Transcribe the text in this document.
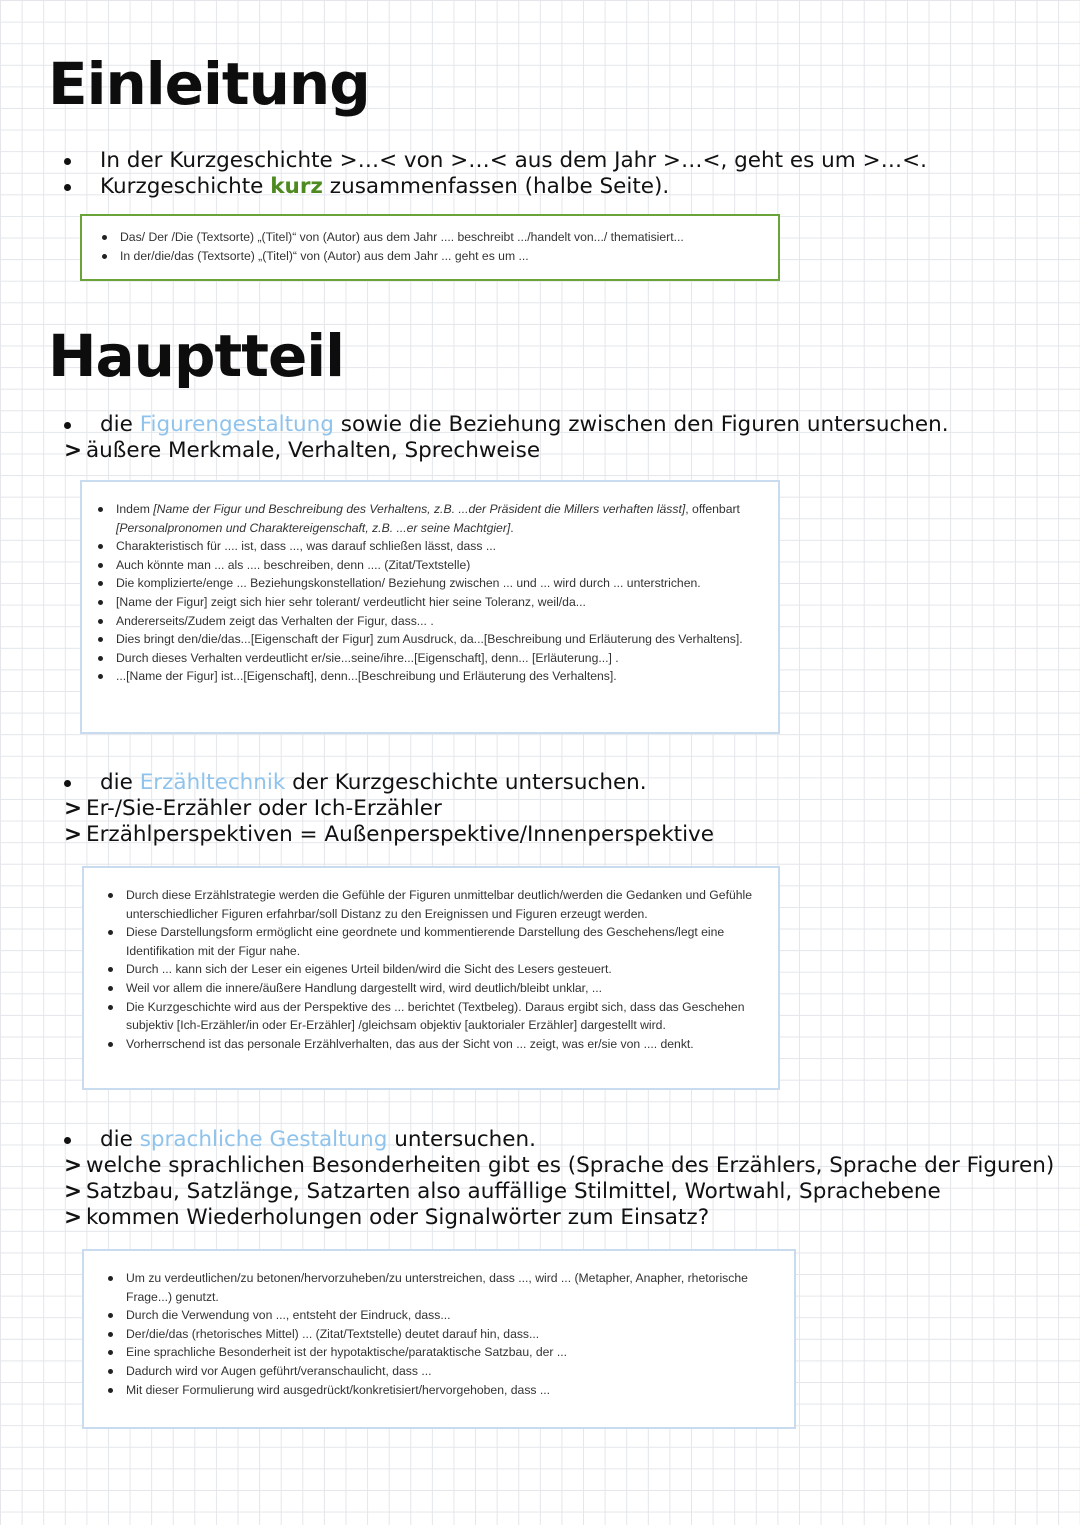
Einleitung
In der Kurzgeschichte >…< von >…< aus dem Jahr >…<, geht es um >…<.
Kurzgeschichte kurz zusammenfassen (halbe Seite).
Das/ Der /Die (Textsorte) „(Titel)“ von (Autor) aus dem Jahr .... beschreibt .../handelt von.../ thematisiert...
In der/die/das (Textsorte) „(Titel)“ von (Autor) aus dem Jahr ... geht es um ...
Hauptteil
die Figurengestaltung sowie die Beziehung zwischen den Figuren untersuchen.
> äußere Merkmale, Verhalten, Sprechweise
Indem [Name der Figur und Beschreibung des Verhaltens, z.B. ...der Präsident die Millers verhaften lässt], offenbart [Personalpronomen und Charaktereigenschaft, z.B. ...er seine Machtgier].
Charakteristisch für .... ist, dass ..., was darauf schließen lässt, dass ...
Auch könnte man ... als .... beschreiben, denn .... (Zitat/Textstelle)
Die komplizierte/enge ... Beziehungskonstellation/ Beziehung zwischen ... und ... wird durch ... unterstrichen.
[Name der Figur] zeigt sich hier sehr tolerant/ verdeutlicht hier seine Toleranz, weil/da...
Andererseits/Zudem zeigt das Verhalten der Figur, dass... .
Dies bringt den/die/das...[Eigenschaft der Figur] zum Ausdruck, da...[Beschreibung und Erläuterung des Verhaltens].
Durch dieses Verhalten verdeutlicht er/sie...seine/ihre...[Eigenschaft], denn... [Erläuterung...] .
...[Name der Figur] ist...[Eigenschaft], denn...[Beschreibung und Erläuterung des Verhaltens].
die Erzähltechnik der Kurzgeschichte untersuchen.
> Er-/Sie-Erzähler oder Ich-Erzähler
> Erzählperspektiven = Außenperspektive/Innenperspektive
Durch diese Erzählstrategie werden die Gefühle der Figuren unmittelbar deutlich/werden die Gedanken und Gefühle unterschiedlicher Figuren erfahrbar/soll Distanz zu den Ereignissen und Figuren erzeugt werden.
Diese Darstellungsform ermöglicht eine geordnete und kommentierende Darstellung des Geschehens/legt eine Identifikation mit der Figur nahe.
Durch ... kann sich der Leser ein eigenes Urteil bilden/wird die Sicht des Lesers gesteuert.
Weil vor allem die innere/äußere Handlung dargestellt wird, wird deutlich/bleibt unklar, ...
Die Kurzgeschichte wird aus der Perspektive des ... berichtet (Textbeleg). Daraus ergibt sich, dass das Geschehen subjektiv [Ich-Erzähler/in oder Er-Erzähler] /gleichsam objektiv [auktorialer Erzähler] dargestellt wird.
Vorherrschend ist das personale Erzählverhalten, das aus der Sicht von ... zeigt, was er/sie von .... denkt.
die sprachliche Gestaltung untersuchen.
> welche sprachlichen Besonderheiten gibt es (Sprache des Erzählers, Sprache der Figuren)
> Satzbau, Satzlänge, Satzarten also auffällige Stilmittel, Wortwahl, Sprachebene
> kommen Wiederholungen oder Signalwörter zum Einsatz?
Um zu verdeutlichen/zu betonen/hervorzuheben/zu unterstreichen, dass ..., wird ... (Metapher, Anapher, rhetorische Frage...) genutzt.
Durch die Verwendung von ..., entsteht der Eindruck, dass...
Der/die/das (rhetorisches Mittel) ... (Zitat/Textstelle) deutet darauf hin, dass...
Eine sprachliche Besonderheit ist der hypotaktische/parataktische Satzbau, der ...
Dadurch wird vor Augen geführt/veranschaulicht, dass ...
Mit dieser Formulierung wird ausgedrückt/konkretisiert/hervorgehoben, dass ...
